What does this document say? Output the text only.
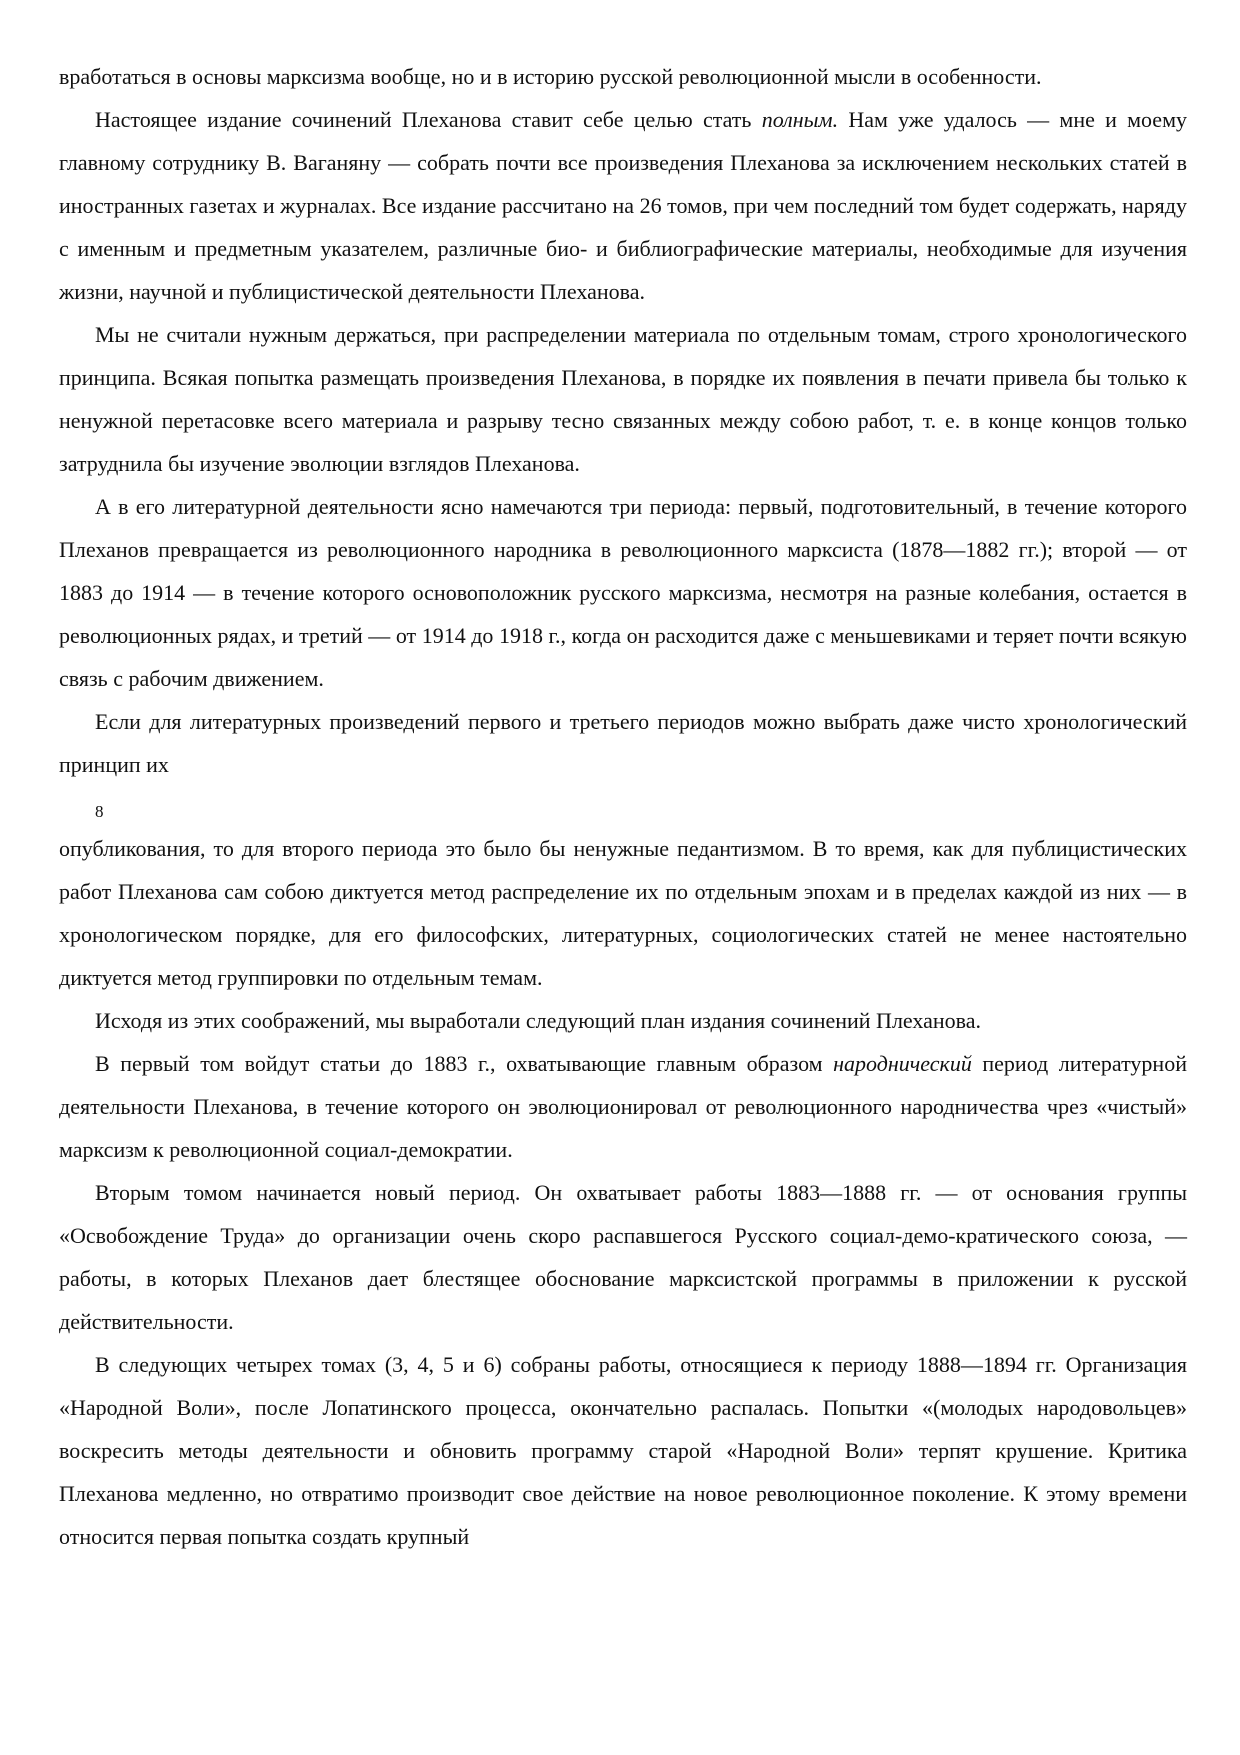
вработаться в основы марксизма вообще, но и в историю русской революционной мысли в особенности.

Настоящее издание сочинений Плеханова ставит себе целью стать полным. Нам уже удалось — мне и моему главному сотруднику В. Ваганяну — собрать почти все произведения Плеханова за исключением нескольких статей в иностранных газетах и журналах. Все издание рассчитано на 26 томов, при чем последний том будет содержать, наряду с именным и предметным указателем, различные био- и библиографические материалы, необходимые для изучения жизни, научной и публицистической деятельности Плеханова.

Мы не считали нужным держаться, при распределении материала по отдельным томам, строго хронологического принципа. Всякая попытка размещать произведения Плеханова, в порядке их появления в печати привела бы только к ненужной перетасовке всего материала и разрыву тесно связанных между собою работ, т. е. в конце концов только затруднила бы изучение эволюции взглядов Плеханова.

А в его литературной деятельности ясно намечаются три периода: первый, подготовительный, в течение которого Плеханов превращается из революционного народника в революционного марксиста (1878—1882 гг.); второй — от 1883 до 1914 — в течение которого основоположник русского марксизма, несмотря на разные колебания, остается в революционных рядах, и третий — от 1914 до 1918 г., когда он расходится даже с меньшевиками и теряет почти всякую связь с рабочим движением.

Если для литературных произведений первого и третьего периодов можно выбрать даже чисто хронологический принцип их

8

опубликования, то для второго периода это было бы ненужные педантизмом. В то время, как для публицистических работ Плеханова сам собою диктуется метод распределение их по отдельным эпохам и в пределах каждой из них — в хронологическом порядке, для его философских, литературных, социологических статей не менее настоятельно диктуется метод группировки по отдельным темам.

Исходя из этих соображений, мы выработали следующий план издания сочинений Плеханова.

В первый том войдут статьи до 1883 г., охватывающие главным образом народнический период литературной деятельности Плеханова, в течение которого он эволюционировал от революционного народничества чрез «чистый» марксизм к революционной социал-демократии.

Вторым томом начинается новый период. Он охватывает работы 1883—1888 гг. — от основания группы «Освобождение Труда» до организации очень скоро распавшегося Русского социал-демо-кратического союза, — работы, в которых Плеханов дает блестящее обоснование марксистской программы в приложении к русской действительности.

В следующих четырех томах (3, 4, 5 и 6) собраны работы, относящиеся к периоду 1888—1894 гг. Организация «Народной Воли», после Лопатинского процесса, окончательно распалась. Попытки «(молодых народовольцев» воскресить методы деятельности и обновить программу старой «Народной Воли» терпят крушение. Критика Плеханова медленно, но отвратимо производит свое действие на новое революционное поколение. К этому времени относится первая попытка создать крупный
